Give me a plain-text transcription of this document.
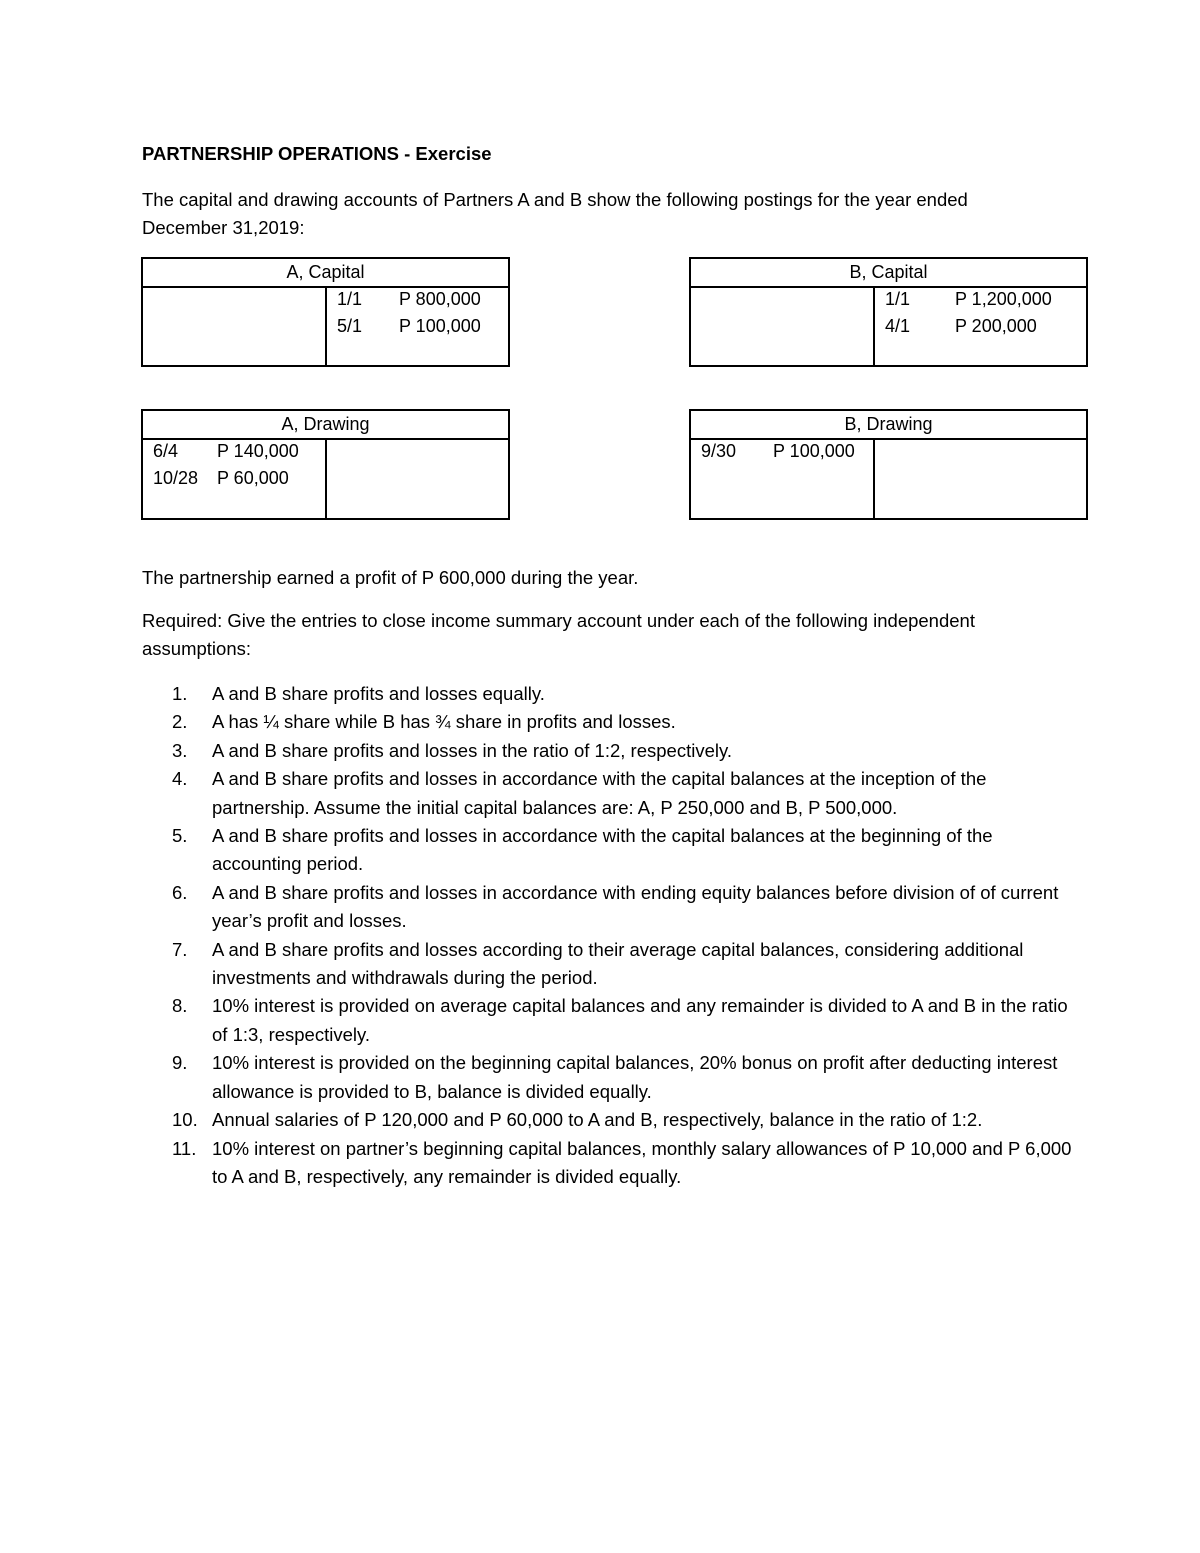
PARTNERSHIP OPERATIONS - Exercise
The capital and drawing accounts of Partners A and B show the following postings for the year ended December 31,2019:
A, Capital
1/1 P 800,000
5/1 P 100,000
B, Capital
1/1 P 1,200,000
4/1 P 200,000
A, Drawing
6/4 P 140,000
10/28 P 60,000
B, Drawing
9/30 P 100,000
The partnership earned a profit of P 600,000 during the year.
Required: Give the entries to close income summary account under each of the following independent assumptions:
1.	A and B share profits and losses equally.
2.	A has ¼ share while B has ¾ share in profits and losses.
3.	A and B share profits and losses in the ratio of 1:2, respectively.
4.	A and B share profits and losses in accordance with the capital balances at the inception of the partnership. Assume the initial capital balances are: A, P 250,000 and B, P 500,000.
5.	A and B share profits and losses in accordance with the capital balances at the beginning of the accounting period.
6.	A and B share profits and losses in accordance with ending equity balances before division of of current year’s profit and losses.
7.	A and B share profits and losses according to their average capital balances, considering additional investments and withdrawals during the period.
8.	10% interest is provided on average capital balances and any remainder is divided to A and B in the ratio of 1:3, respectively.
9.	10% interest is provided on the beginning capital balances, 20% bonus on profit after deducting interest allowance is provided to B, balance is divided equally.
10. Annual salaries of P 120,000 and P 60,000 to A and B, respectively, balance in the ratio of 1:2.
11. 10% interest on partner’s beginning capital balances, monthly salary allowances of P 10,000 and P 6,000 to A and B, respectively, any remainder is divided equally.
